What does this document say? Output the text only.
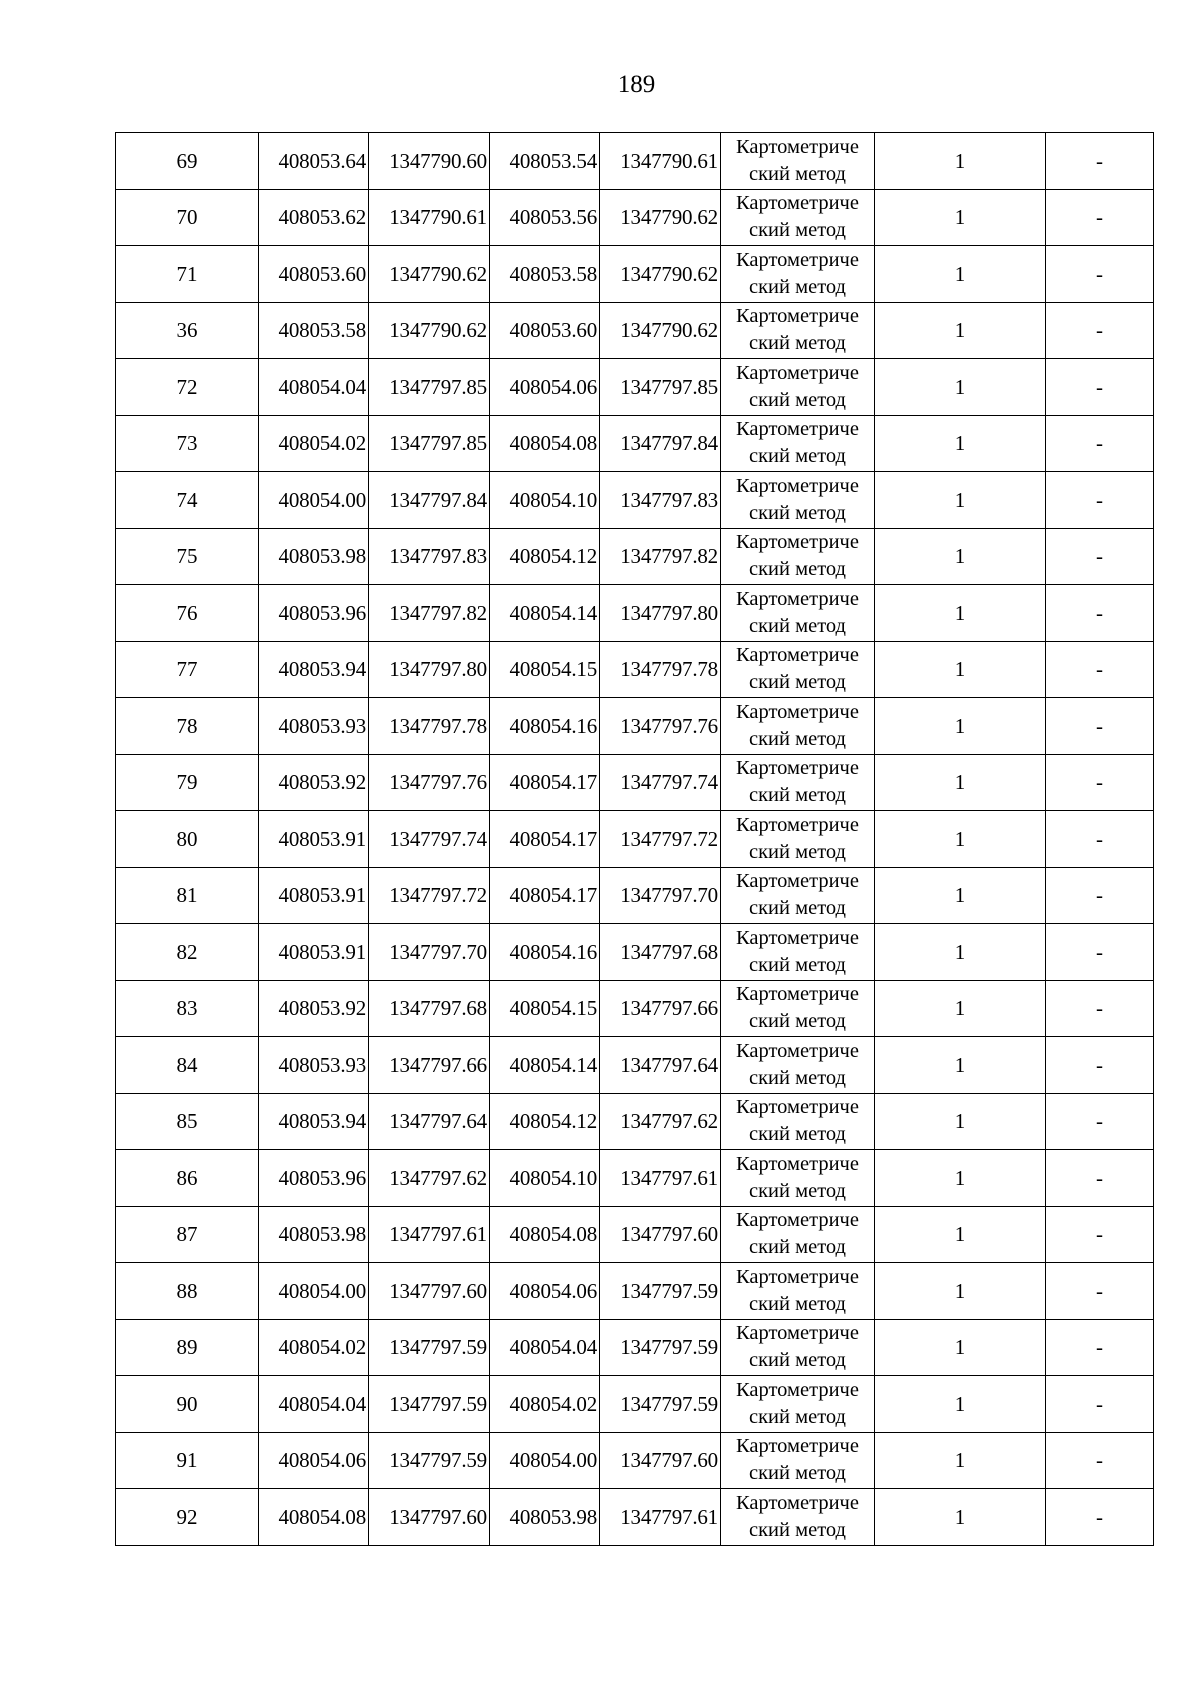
189
69	408053.64	1347790.60	408053.54	1347790.61	Картометриче
ский метод	1	-
70	408053.62	1347790.61	408053.56	1347790.62	Картометриче
ский метод	1	-
71	408053.60	1347790.62	408053.58	1347790.62	Картометриче
ский метод	1	-
36	408053.58	1347790.62	408053.60	1347790.62	Картометриче
ский метод	1	-
72	408054.04	1347797.85	408054.06	1347797.85	Картометриче
ский метод	1	-
73	408054.02	1347797.85	408054.08	1347797.84	Картометриче
ский метод	1	-
74	408054.00	1347797.84	408054.10	1347797.83	Картометриче
ский метод	1	-
75	408053.98	1347797.83	408054.12	1347797.82	Картометриче
ский метод	1	-
76	408053.96	1347797.82	408054.14	1347797.80	Картометриче
ский метод	1	-
77	408053.94	1347797.80	408054.15	1347797.78	Картометриче
ский метод	1	-
78	408053.93	1347797.78	408054.16	1347797.76	Картометриче
ский метод	1	-
79	408053.92	1347797.76	408054.17	1347797.74	Картометриче
ский метод	1	-
80	408053.91	1347797.74	408054.17	1347797.72	Картометриче
ский метод	1	-
81	408053.91	1347797.72	408054.17	1347797.70	Картометриче
ский метод	1	-
82	408053.91	1347797.70	408054.16	1347797.68	Картометриче
ский метод	1	-
83	408053.92	1347797.68	408054.15	1347797.66	Картометриче
ский метод	1	-
84	408053.93	1347797.66	408054.14	1347797.64	Картометриче
ский метод	1	-
85	408053.94	1347797.64	408054.12	1347797.62	Картометриче
ский метод	1	-
86	408053.96	1347797.62	408054.10	1347797.61	Картометриче
ский метод	1	-
87	408053.98	1347797.61	408054.08	1347797.60	Картометриче
ский метод	1	-
88	408054.00	1347797.60	408054.06	1347797.59	Картометриче
ский метод	1	-
89	408054.02	1347797.59	408054.04	1347797.59	Картометриче
ский метод	1	-
90	408054.04	1347797.59	408054.02	1347797.59	Картометриче
ский метод	1	-
91	408054.06	1347797.59	408054.00	1347797.60	Картометриче
ский метод	1	-
92	408054.08	1347797.60	408053.98	1347797.61	Картометриче
ский метод	1	-
